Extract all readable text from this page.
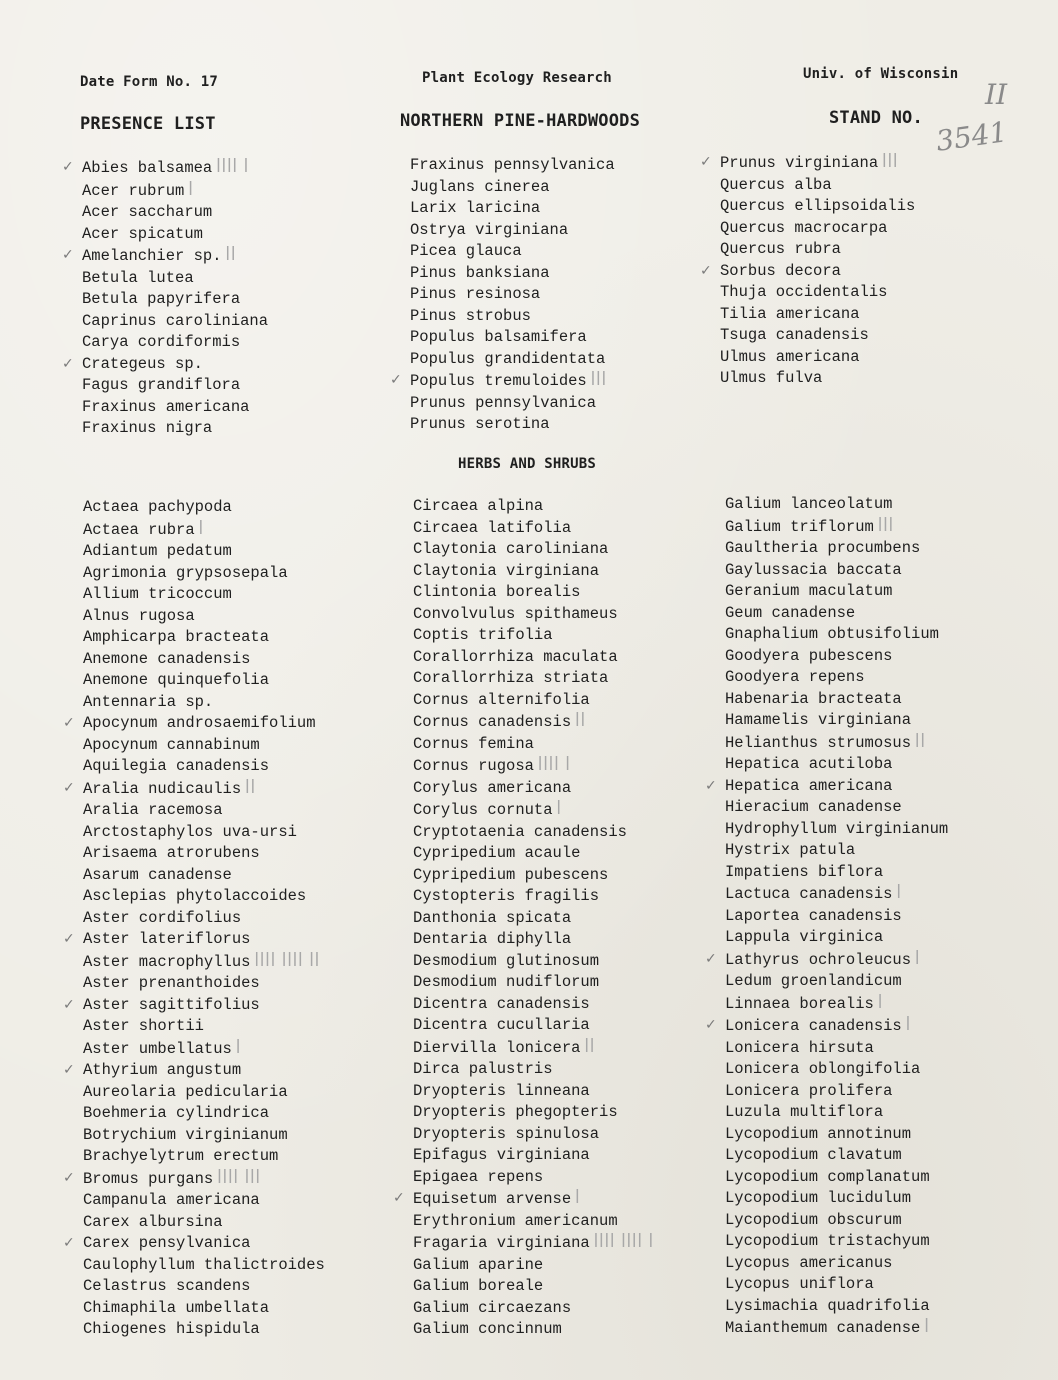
Date Form No. 17	Plant Ecology Research	Univ. of Wisconsin
PRESENCE LIST	NORTHERN PINE-HARDWOODS	STAND NO.
II
3541
✓ Abies balsamea ꟾꟾꟾꟾ ꟾ
Acer rubrum ꟾ
Acer saccharum
Acer spicatum
✓ Amelanchier sp. ꟾꟾ
Betula lutea
Betula papyrifera
Caprinus caroliniana
Carya cordiformis
✓ Crategeus sp.
Fagus grandiflora
Fraxinus americana
Fraxinus nigra
Fraxinus pennsylvanica
Juglans cinerea
Larix laricina
Ostrya virginiana
Picea glauca
Pinus banksiana
Pinus resinosa
Pinus strobus
Populus balsamifera
Populus grandidentata
✓ Populus tremuloides ꟾꟾꟾ
Prunus pennsylvanica
Prunus serotina
✓ Prunus virginiana ꟾꟾꟾ
Quercus alba
Quercus ellipsoidalis
Quercus macrocarpa
Quercus rubra
✓ Sorbus decora
Thuja occidentalis
Tilia americana
Tsuga canadensis
Ulmus americana
Ulmus fulva
HERBS AND SHRUBS
Actaea pachypoda
Actaea rubra ꟾ
Adiantum pedatum
Agrimonia grypsosepala
Allium tricoccum
Alnus rugosa
Amphicarpa bracteata
Anemone canadensis
Anemone quinquefolia
Antennaria sp.
✓ Apocynum androsaemifolium
Apocynum cannabinum
Aquilegia canadensis
✓ Aralia nudicaulis ꟾꟾ
Aralia racemosa
Arctostaphylos uva-ursi
Arisaema atrorubens
Asarum canadense
Asclepias phytolaccoides
Aster cordifolius
✓ Aster lateriflorus
Aster macrophyllus ꟾꟾꟾꟾ ꟾꟾꟾꟾ ꟾꟾ
Aster prenanthoides
✓ Aster sagittifolius
Aster shortii
Aster umbellatus ꟾ
✓ Athyrium angustum
Aureolaria pedicularia
Boehmeria cylindrica
Botrychium virginianum
Brachyelytrum erectum
✓ Bromus purgans ꟾꟾꟾꟾ ꟾꟾꟾ
Campanula americana
Carex albursina
✓ Carex pensylvanica
Caulophyllum thalictroides
Celastrus scandens
Chimaphila umbellata
Chiogenes hispidula
Circaea alpina
Circaea latifolia
Claytonia caroliniana
Claytonia virginiana
Clintonia borealis
Convolvulus spithameus
Coptis trifolia
Corallorrhiza maculata
Corallorrhiza striata
Cornus alternifolia
Cornus canadensis ꟾꟾ
Cornus femina
Cornus rugosa ꟾꟾꟾꟾ ꟾ
Corylus americana
Corylus cornuta ꟾ
Cryptotaenia canadensis
Cypripedium acaule
Cypripedium pubescens
Cystopteris fragilis
Danthonia spicata
Dentaria diphylla
Desmodium glutinosum
Desmodium nudiflorum
Dicentra canadensis
Dicentra cucullaria
Diervilla lonicera ꟾꟾ
Dirca palustris
Dryopteris linneana
Dryopteris phegopteris
Dryopteris spinulosa
Epifagus virginiana
Epigaea repens
✓ Equisetum arvense ꟾ
Erythronium americanum
Fragaria virginiana ꟾꟾꟾꟾ ꟾꟾꟾꟾ ꟾ
Galium aparine
Galium boreale
Galium circaezans
Galium concinnum
Galium lanceolatum
Galium triflorum ꟾꟾꟾ
Gaultheria procumbens
Gaylussacia baccata
Geranium maculatum
Geum canadense
Gnaphalium obtusifolium
Goodyera pubescens
Goodyera repens
Habenaria bracteata
Hamamelis virginiana
Helianthus strumosus ꟾꟾ
Hepatica acutiloba
✓ Hepatica americana
Hieracium canadense
Hydrophyllum virginianum
Hystrix patula
Impatiens biflora
Lactuca canadensis ꟾ
Laportea canadensis
Lappula virginica
✓ Lathyrus ochroleucus ꟾ
Ledum groenlandicum
Linnaea borealis ꟾ
✓ Lonicera canadensis ꟾ
Lonicera hirsuta
Lonicera oblongifolia
Lonicera prolifera
Luzula multiflora
Lycopodium annotinum
Lycopodium clavatum
Lycopodium complanatum
Lycopodium lucidulum
Lycopodium obscurum
Lycopodium tristachyum
Lycopus americanus
Lycopus uniflora
Lysimachia quadrifolia
Maianthemum canadense ꟾ
